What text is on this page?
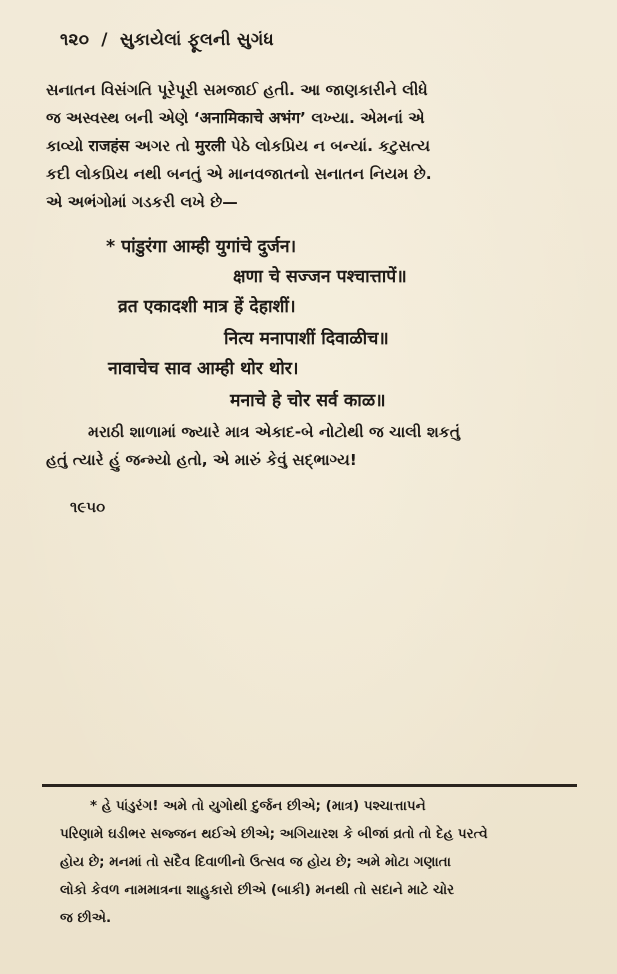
૧૨૦ / સુકાયેલાં ફૂલની સુગંધ

સનાતન વિસંગતિ પૂરેપૂરી સમજાઈ હતી. આ જાણકારીને લીધે
જ અસ્વસ્થ બની એણે ‘अनामिकाचे अभंग’ લખ્યા. એમનાં એ
કાવ્યો राजहंस અગર તો मुरली પેઠે લોકપ્રિય ન બન્યાં. કટુસત્ય
કદી લોકપ્રિય નથી બનતું એ માનવજાતનો સનાતન નિયમ છે.
એ અભંગોમાં ગડકરી લખે છે—

* पांडुरंगा आम्ही युगांचे दुर्जन।
क्षणा चे सज्जन पश्चात्तापें॥
व्रत एकादशी मात्र हें देहाशीं।
नित्य मनापाशीं दिवाळीच॥
नावाचेच साव आम्ही थोर थोर।
मनाचे हे चोर सर्व काळ॥

મરાઠી શાળામાં જ્યારે માત્ર એકાદ-બે નોટોથી જ ચાલી શકતું

હતું ત્યારે હું જન્મ્યો હતો, એ મારું કેવું સદ્ભાગ્ય!

૧૯૫૦

* હે પાંડુરંગ! અમે તો યુગોથી દુર્જન છીએ; (માત્ર) પશ્ચાત્તાપને
પરિણામે ઘડીભર સજ્જન થઈએ છીએ; અગિયારશ કે બીજાં વ્રતો તો દેહ પરત્વે
હોય છે; મનમાં તો સદૈવ દિવાળીનો ઉત્સવ જ હોય છે; અમે મોટા ગણાતા
લોકો કેવળ નામમાત્રના શાહુકારો છીએ (બાકી) મનથી તો સદાને માટે ચોર
જ છીએ.
